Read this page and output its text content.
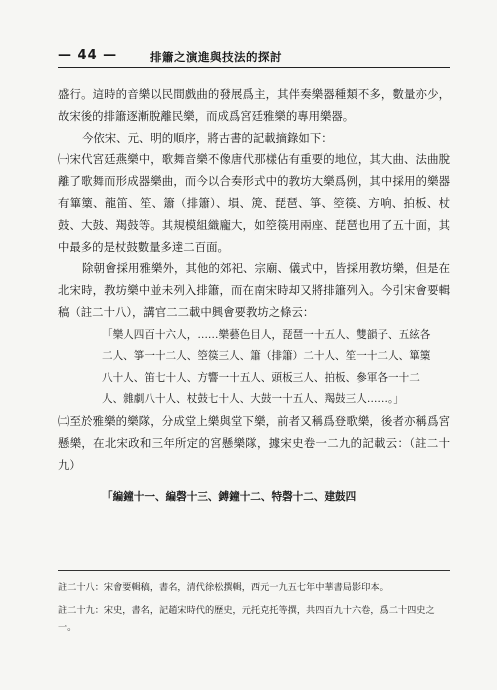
— 44 —	排簫之演進與技法的探討

盛行。這時的音樂以民間戲曲的發展爲主，其伴奏樂器種類不多，數量亦少，故宋後的排簫逐漸脫離民樂，而成爲宮廷雅樂的專用樂器。

今依宋、元、明的順序，將古書的記載摘錄如下：

㈠宋代宮廷燕樂中，歌舞音樂不像唐代那樣佔有重要的地位，其大曲、法曲脫離了歌舞而形成器樂曲，而今以合奏形式中的教坊大樂爲例，其中採用的樂器有篳篥、龍笛、笙、簫（排簫）、塤、箎、琵琶、箏、箜篌、方响、拍板、杖鼓、大鼓、羯鼓等。其規模組織龐大，如箜篌用兩座、琵琶也用了五十面，其中最多的是杖鼓數量多達二百面。

除朝會採用雅樂外，其他的郊祀、宗廟、儀式中，皆採用教坊樂，但是在北宋時，教坊樂中並未列入排簫，而在南宋時却又將排簫列入。今引宋會要輯稿（註二十八），講官二二載中興會要教坊之條云：

「樂人四百十六人，……樂藝色目人，琵琶一十五人、雙韻子、五絃各二人、箏一十二人、箜篌三人、簫（排簫）二十人、笙一十二人、篳篥八十人、笛七十人、方響一十五人、頭板三人、拍板、參軍各一十二人、雜劇八十人、杖鼓七十人、大鼓一十五人、羯鼓三人……。」

㈡至於雅樂的樂隊，分成堂上樂與堂下樂，前者又稱爲登歌樂，後者亦稱爲宮懸樂，在北宋政和三年所定的宮懸樂隊，據宋史卷一二九的記載云：（註二十九）

「編鐘十一、編磬十三、鎛鐘十二、特磬十二、建鼓四

註二十八：宋會要輯稿，書名，清代徐松撰輯，西元一九五七年中華書局影印本。

註二十九：宋史，書名，記趙宋時代的歷史，元托克托等撰，共四百九十六卷，爲二十四史之一。
